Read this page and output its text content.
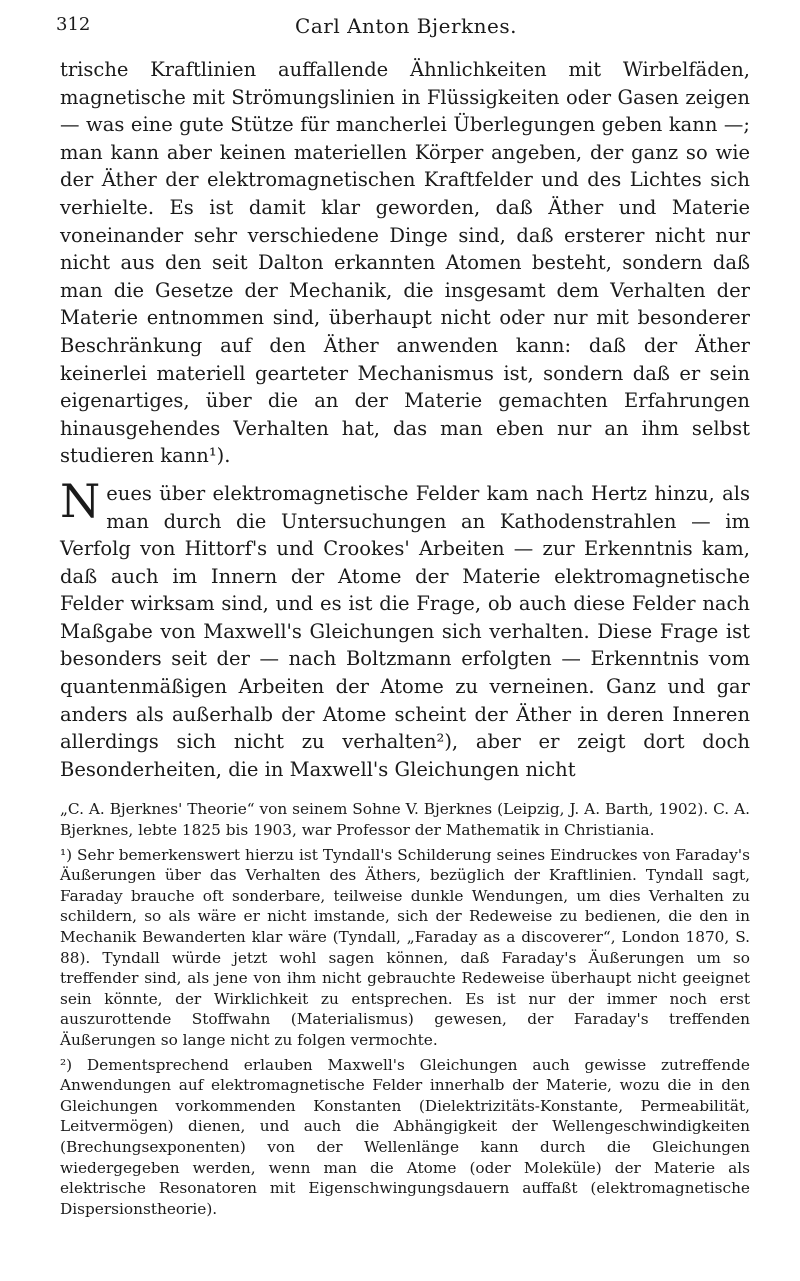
312	Carl Anton Bjerknes.

trische Kraftlinien auffallende Ähnlichkeiten mit Wirbelfäden, magnetische mit Strömungslinien in Flüssigkeiten oder Gasen zeigen — was eine gute Stütze für mancherlei Überlegungen geben kann —; man kann aber keinen materiellen Körper angeben, der ganz so wie der Äther der elektromagnetischen Kraftfelder und des Lichtes sich verhielte. Es ist damit klar geworden, daß Äther und Materie voneinander sehr verschiedene Dinge sind, daß ersterer nicht nur nicht aus den seit Dalton erkannten Atomen besteht, sondern daß man die Gesetze der Mechanik, die insgesamt dem Verhalten der Materie entnommen sind, überhaupt nicht oder nur mit besonderer Beschränkung auf den Äther anwenden kann: daß der Äther keinerlei materiell gearteter Mechanismus ist, sondern daß er sein eigenartiges, über die an der Materie gemachten Erfahrungen hinausgehendes Verhalten hat, das man eben nur an ihm selbst studieren kann¹).

Neues über elektromagnetische Felder kam nach Hertz hinzu, als man durch die Untersuchungen an Kathodenstrahlen — im Verfolg von Hittorf's und Crookes' Arbeiten — zur Erkenntnis kam, daß auch im Innern der Atome der Materie elektromagnetische Felder wirksam sind, und es ist die Frage, ob auch diese Felder nach Maßgabe von Maxwell's Gleichungen sich verhalten. Diese Frage ist besonders seit der — nach Boltzmann erfolgten — Erkenntnis vom quantenmäßigen Arbeiten der Atome zu verneinen. Ganz und gar anders als außerhalb der Atome scheint der Äther in deren Inneren allerdings sich nicht zu verhalten²), aber er zeigt dort doch Besonderheiten, die in Maxwell's Gleichungen nicht

„C. A. Bjerknes' Theorie“ von seinem Sohne V. Bjerknes (Leipzig, J. A. Barth, 1902). C. A. Bjerknes, lebte 1825 bis 1903, war Professor der Mathematik in Christiania.

¹) Sehr bemerkenswert hierzu ist Tyndall's Schilderung seines Eindruckes von Faraday's Äußerungen über das Verhalten des Äthers, bezüglich der Kraftlinien. Tyndall sagt, Faraday brauche oft sonderbare, teilweise dunkle Wendungen, um dies Verhalten zu schildern, so als wäre er nicht imstande, sich der Redeweise zu bedienen, die den in Mechanik Bewanderten klar wäre (Tyndall, „Faraday as a discoverer“, London 1870, S. 88). Tyndall würde jetzt wohl sagen können, daß Faraday's Äußerungen um so treffender sind, als jene von ihm nicht gebrauchte Redeweise überhaupt nicht geeignet sein könnte, der Wirklichkeit zu entsprechen. Es ist nur der immer noch erst auszurottende Stoffwahn (Materialismus) gewesen, der Faraday's treffenden Äußerungen so lange nicht zu folgen vermochte.

²) Dementsprechend erlauben Maxwell's Gleichungen auch gewisse zutreffende Anwendungen auf elektromagnetische Felder innerhalb der Materie, wozu die in den Gleichungen vorkommenden Konstanten (Dielektrizitäts-Konstante, Permeabilität, Leitvermögen) dienen, und auch die Abhängigkeit der Wellengeschwindigkeiten (Brechungsexponenten) von der Wellenlänge kann durch die Gleichungen wiedergegeben werden, wenn man die Atome (oder Moleküle) der Materie als elektrische Resonatoren mit Eigenschwingungsdauern auffaßt (elektromagnetische Dispersionstheorie).
